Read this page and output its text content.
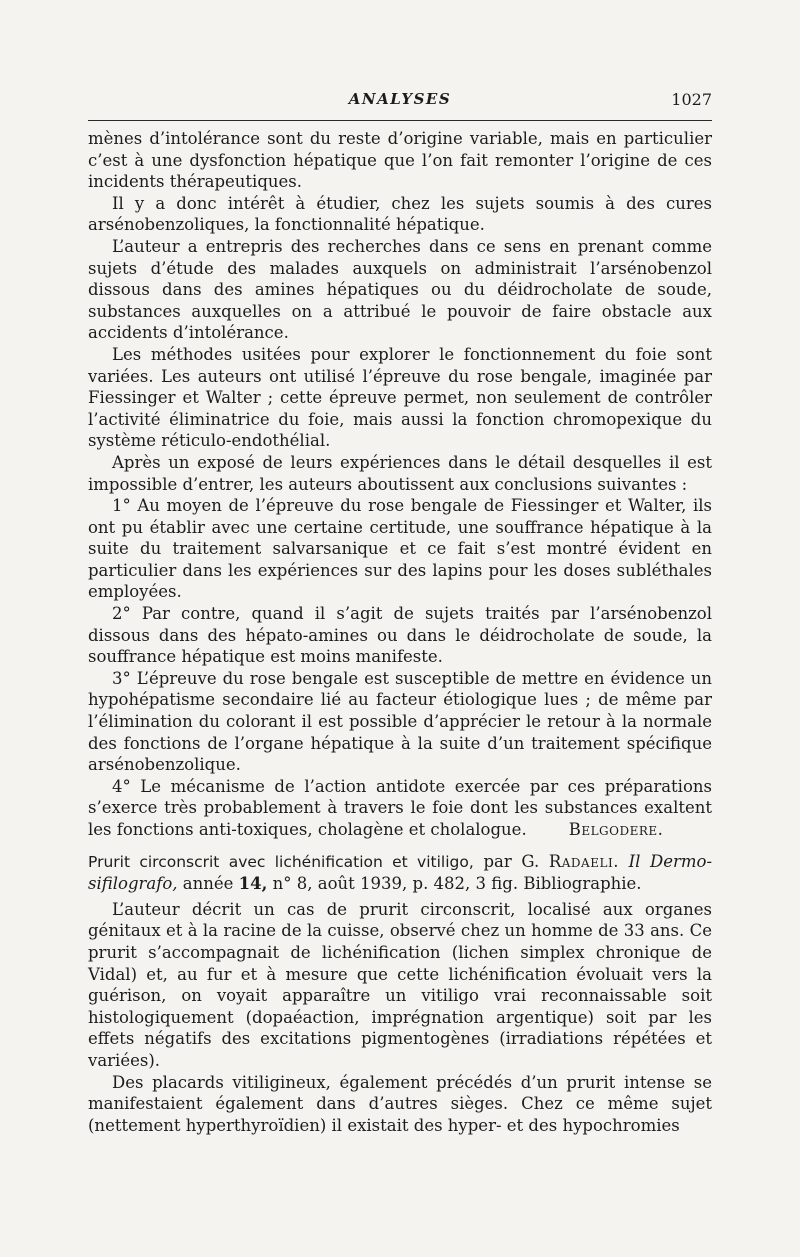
ANALYSES	1027

mènes d’intolérance sont du reste d’origine variable, mais en particulier c’est à une dysfonction hépatique que l’on fait remonter l’origine de ces incidents thérapeutiques.

Il y a donc intérêt à étudier, chez les sujets soumis à des cures arsénobenzoliques, la fonctionnalité hépatique.

L’auteur a entrepris des recherches dans ce sens en prenant comme sujets d’étude des malades auxquels on administrait l’arsénobenzol dissous dans des amines hépatiques ou du déidrocholate de soude, substances auxquelles on a attribué le pouvoir de faire obstacle aux accidents d’intolérance.

Les méthodes usitées pour explorer le fonctionnement du foie sont variées. Les auteurs ont utilisé l’épreuve du rose bengale, imaginée par Fiessinger et Walter ; cette épreuve permet, non seulement de contrôler l’activité éliminatrice du foie, mais aussi la fonction chromopexique du système réticulo-endothélial.

Après un exposé de leurs expériences dans le détail desquelles il est impossible d’entrer, les auteurs aboutissent aux conclusions suivantes :

1° Au moyen de l’épreuve du rose bengale de Fiessinger et Walter, ils ont pu établir avec une certaine certitude, une souffrance hépatique à la suite du traitement salvarsanique et ce fait s’est montré évident en particulier dans les expériences sur des lapins pour les doses subléthales employées.

2° Par contre, quand il s’agit de sujets traités par l’arsénobenzol dissous dans des hépato-amines ou dans le déidrocholate de soude, la souffrance hépatique est moins manifeste.

3° L’épreuve du rose bengale est susceptible de mettre en évidence un hypohépatisme secondaire lié au facteur étiologique lues ; de même par l’élimination du colorant il est possible d’apprécier le retour à la normale des fonctions de l’organe hépatique à la suite d’un traitement spécifique arsénobenzolique.

4° Le mécanisme de l’action antidote exercée par ces préparations s’exerce très probablement à travers le foie dont les substances exaltent les fonctions anti-toxiques, cholagène et cholalogue.	Belgodere.

Prurit circonscrit avec lichénification et vitiligo, par G. Radaeli. Il Dermo-sifilografo, année 14, n° 8, août 1939, p. 482, 3 fig. Bibliographie.

L’auteur décrit un cas de prurit circonscrit, localisé aux organes génitaux et à la racine de la cuisse, observé chez un homme de 33 ans. Ce prurit s’accompagnait de lichénification (lichen simplex chronique de Vidal) et, au fur et à mesure que cette lichénification évoluait vers la guérison, on voyait apparaître un vitiligo vrai reconnaissable soit histologiquement (dopaéaction, imprégnation argentique) soit par les effets négatifs des excitations pigmentogènes (irradiations répétées et variées).

Des placards vitiligineux, également précédés d’un prurit intense se manifestaient également dans d’autres sièges. Chez ce même sujet (nettement hyperthyroïdien) il existait des hyper- et des hypochromies
